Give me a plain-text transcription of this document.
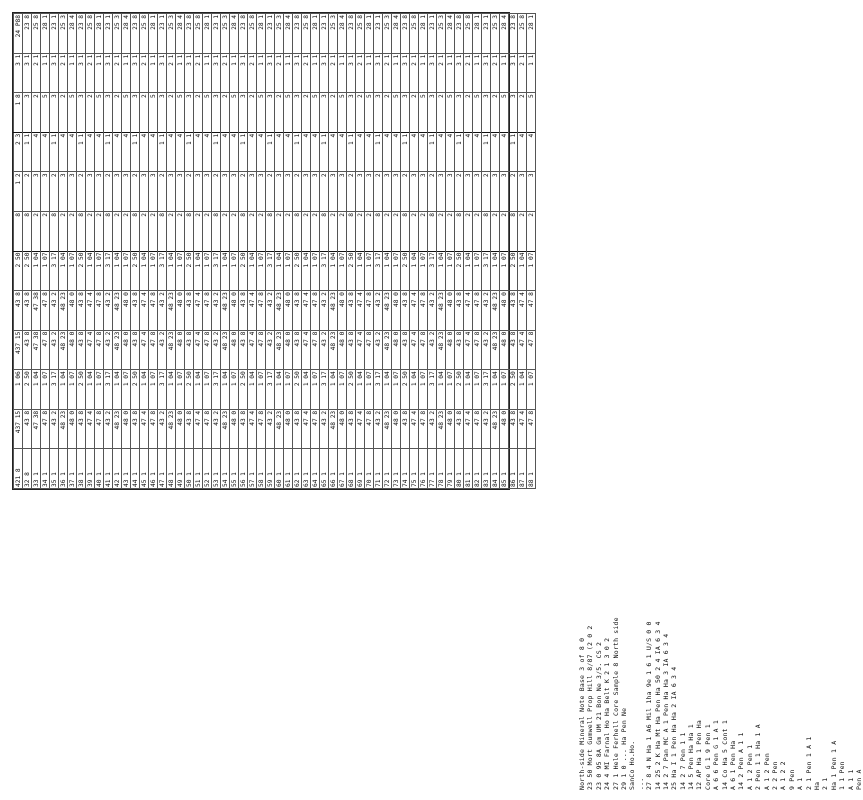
421 8	437 15	1 06	437 15	43 8	2 50	8	1 2	2 3	1 8	3 1	24 P88
32 8	43 8	2 50	43 8	43 8	2 50	8	2	1 1	3	3 1	23 8
33 1	47 38	1 04	47 38	47 38	1 04	2	3	4	2	2 1	25 8
34 1	47 8	1 07	47 8	47 8	1 07	2	3	4	5	1 1	28 1
35 1	43 2	3 17	43 2	43 2	3 17	8	2	1 1	3	3 1	23 1
36 1	48 23	1 04	48 23	48 23	1 04	2	3	4	2	2 1	25 3
37 1	48 0	1 07	48 0	48 0	1 07	2	3	4	5	1 1	28 4
38 1	43 8	2 50	43 8	43 8	2 50	8	2	1 1	3	3 1	23 8
39 1	47 4	1 04	47 4	47 4	1 04	2	3	4	2	2 1	25 8
40 1	47 8	1 07	47 8	47 8	1 07	2	3	4	5	1 1	28 1
41 1	43 2	3 17	43 2	43 2	3 17	8	2	1 1	3	3 1	23 1
42 1	48 23	1 04	48 23	48 23	1 04	2	3	4	2	2 1	25 3
43 1	48 0	1 07	48 0	48 0	1 07	2	3	4	5	1 1	28 4
44 1	43 8	2 50	43 8	43 8	2 50	8	2	1 1	3	3 1	23 8
45 1	47 4	1 04	47 4	47 4	1 04	2	3	4	2	2 1	25 8
46 1	47 8	1 07	47 8	47 8	1 07	2	3	4	5	1 1	28 1
47 1	43 2	3 17	43 2	43 2	3 17	8	2	1 1	3	3 1	23 1
48 1	48 23	1 04	48 23	48 23	1 04	2	3	4	2	2 1	25 3
49 1	48 0	1 07	48 0	48 0	1 07	2	3	4	5	1 1	28 4
50 1	43 8	2 50	43 8	43 8	2 50	8	2	1 1	3	3 1	23 8
51 1	47 4	1 04	47 4	47 4	1 04	2	3	4	2	2 1	25 8
52 1	47 8	1 07	47 8	47 8	1 07	2	3	4	5	1 1	28 1
53 1	43 2	3 17	43 2	43 2	3 17	8	2	1 1	3	3 1	23 1
54 1	48 23	1 04	48 23	48 23	1 04	2	3	4	2	2 1	25 3
55 1	48 0	1 07	48 0	48 0	1 07	2	3	4	5	1 1	28 4
56 1	43 8	2 50	43 8	43 8	2 50	8	2	1 1	3	3 1	23 8
57 1	47 4	1 04	47 4	47 4	1 04	2	3	4	2	2 1	25 8
58 1	47 8	1 07	47 8	47 8	1 07	2	3	4	5	1 1	28 1
59 1	43 2	3 17	43 2	43 2	3 17	8	2	1 1	3	3 1	23 1
60 1	48 23	1 04	48 23	48 23	1 04	2	3	4	2	2 1	25 3
61 1	48 0	1 07	48 0	48 0	1 07	2	3	4	5	1 1	28 4
62 1	43 8	2 50	43 8	43 8	2 50	8	2	1 1	3	3 1	23 8
63 1	47 4	1 04	47 4	47 4	1 04	2	3	4	2	2 1	25 8
64 1	47 8	1 07	47 8	47 8	1 07	2	3	4	5	1 1	28 1
65 1	43 2	3 17	43 2	43 2	3 17	8	2	1 1	3	3 1	23 1
66 1	48 23	1 04	48 23	48 23	1 04	2	3	4	2	2 1	25 3
67 1	48 0	1 07	48 0	48 0	1 07	2	3	4	5	1 1	28 4
68 1	43 8	2 50	43 8	43 8	2 50	8	2	1 1	3	3 1	23 8
69 1	47 4	1 04	47 4	47 4	1 04	2	3	4	2	2 1	25 8
70 1	47 8	1 07	47 8	47 8	1 07	2	3	4	5	1 1	28 1
71 1	43 2	3 17	43 2	43 2	3 17	8	2	1 1	3	3 1	23 1
72 1	48 23	1 04	48 23	48 23	1 04	2	3	4	2	2 1	25 3
73 1	48 0	1 07	48 0	48 0	1 07	2	3	4	5	1 1	28 4
74 1	43 8	2 50	43 8	43 8	2 50	8	2	1 1	3	3 1	23 8
75 1	47 4	1 04	47 4	47 4	1 04	2	3	4	2	2 1	25 8
76 1	47 8	1 07	47 8	47 8	1 07	2	3	4	5	1 1	28 1
77 1	43 2	3 17	43 2	43 2	3 17	8	2	1 1	3	3 1	23 1
78 1	48 23	1 04	48 23	48 23	1 04	2	3	4	2	2 1	25 3
79 1	48 0	1 07	48 0	48 0	1 07	2	3	4	5	1 1	28 4
80 1	43 8	2 50	43 8	43 8	2 50	8	2	1 1	3	3 1	23 8
81 1	47 4	1 04	47 4	47 4	1 04	2	3	4	2	2 1	25 8
82 1	47 8	1 07	47 8	47 8	1 07	2	3	4	5	1 1	28 1
83 1	43 2	3 17	43 2	43 2	3 17	8	2	1 1	3	3 1	23 1
84 1	48 23	1 04	48 23	48 23	1 04	2	3	4	2	2 1	25 3
85 1	48 0	1 07	48 0	48 0	1 07	2	3	4	5	1 1	28 4
86 1	43 8	2 50	43 8	43 8	2 50	8	2	1 1	3	3 1	23 8
87 1	47 4	1 04	47 4	47 4	1 04	2	3	4	2	2 1	25 8
88 1	47 8	1 07	47 8	47 8	1 07	2	3	4	5	1 1	28 1
North-side Mineral Note Base 3 of 8 0 23 50 Mort Gumwell Prop Hill 8/87 (2 0 2 23 0 95 8A Gm UM 21 Bon Ne 3/5. CS 2 24 4 MI Farnal Ho Ha Belt K 2 1 3 0 2 27 1 Hele Ferhell Core Sample 8 North side 29 1 0 ... Ha Pen Ne SanCo Ho.Ho. ... 27 8 4 N Ha 1 A6 Mil 1ha 9e 1 6 1 U/S 0 0 14 25 2 K Ha Mt Ha Pen Ha 50 2 4 IA 6 3 4 14 2 7 Pan MC A 1 Pen Ha Ha 3 IA 6 3 4 25 Ha I 1 Pen Ha Ha 2 IA 6 3 4 14 2 7 Pen 1 1 14 5 Pen Ha Ha 1 12 AP Ha 1 Pen Ha Core G 1 9 Pen 1 A 6 6 Pen G 1 A 1 14 Co Ha 5 Cont 1 A 6 1 Pen Ha 14 2 Pen A 1 1 A 1 2 Pen 1 2 Pen 1 1 Ha 1 A A 1 2 Pen 2 2 Pen A 1 2 2 9 Pen A 1 2 1 Pen 1 A 1 Ha 2 1 Ha 1 Pen 1 A 1 1 Pen A 1 1 Pen A
